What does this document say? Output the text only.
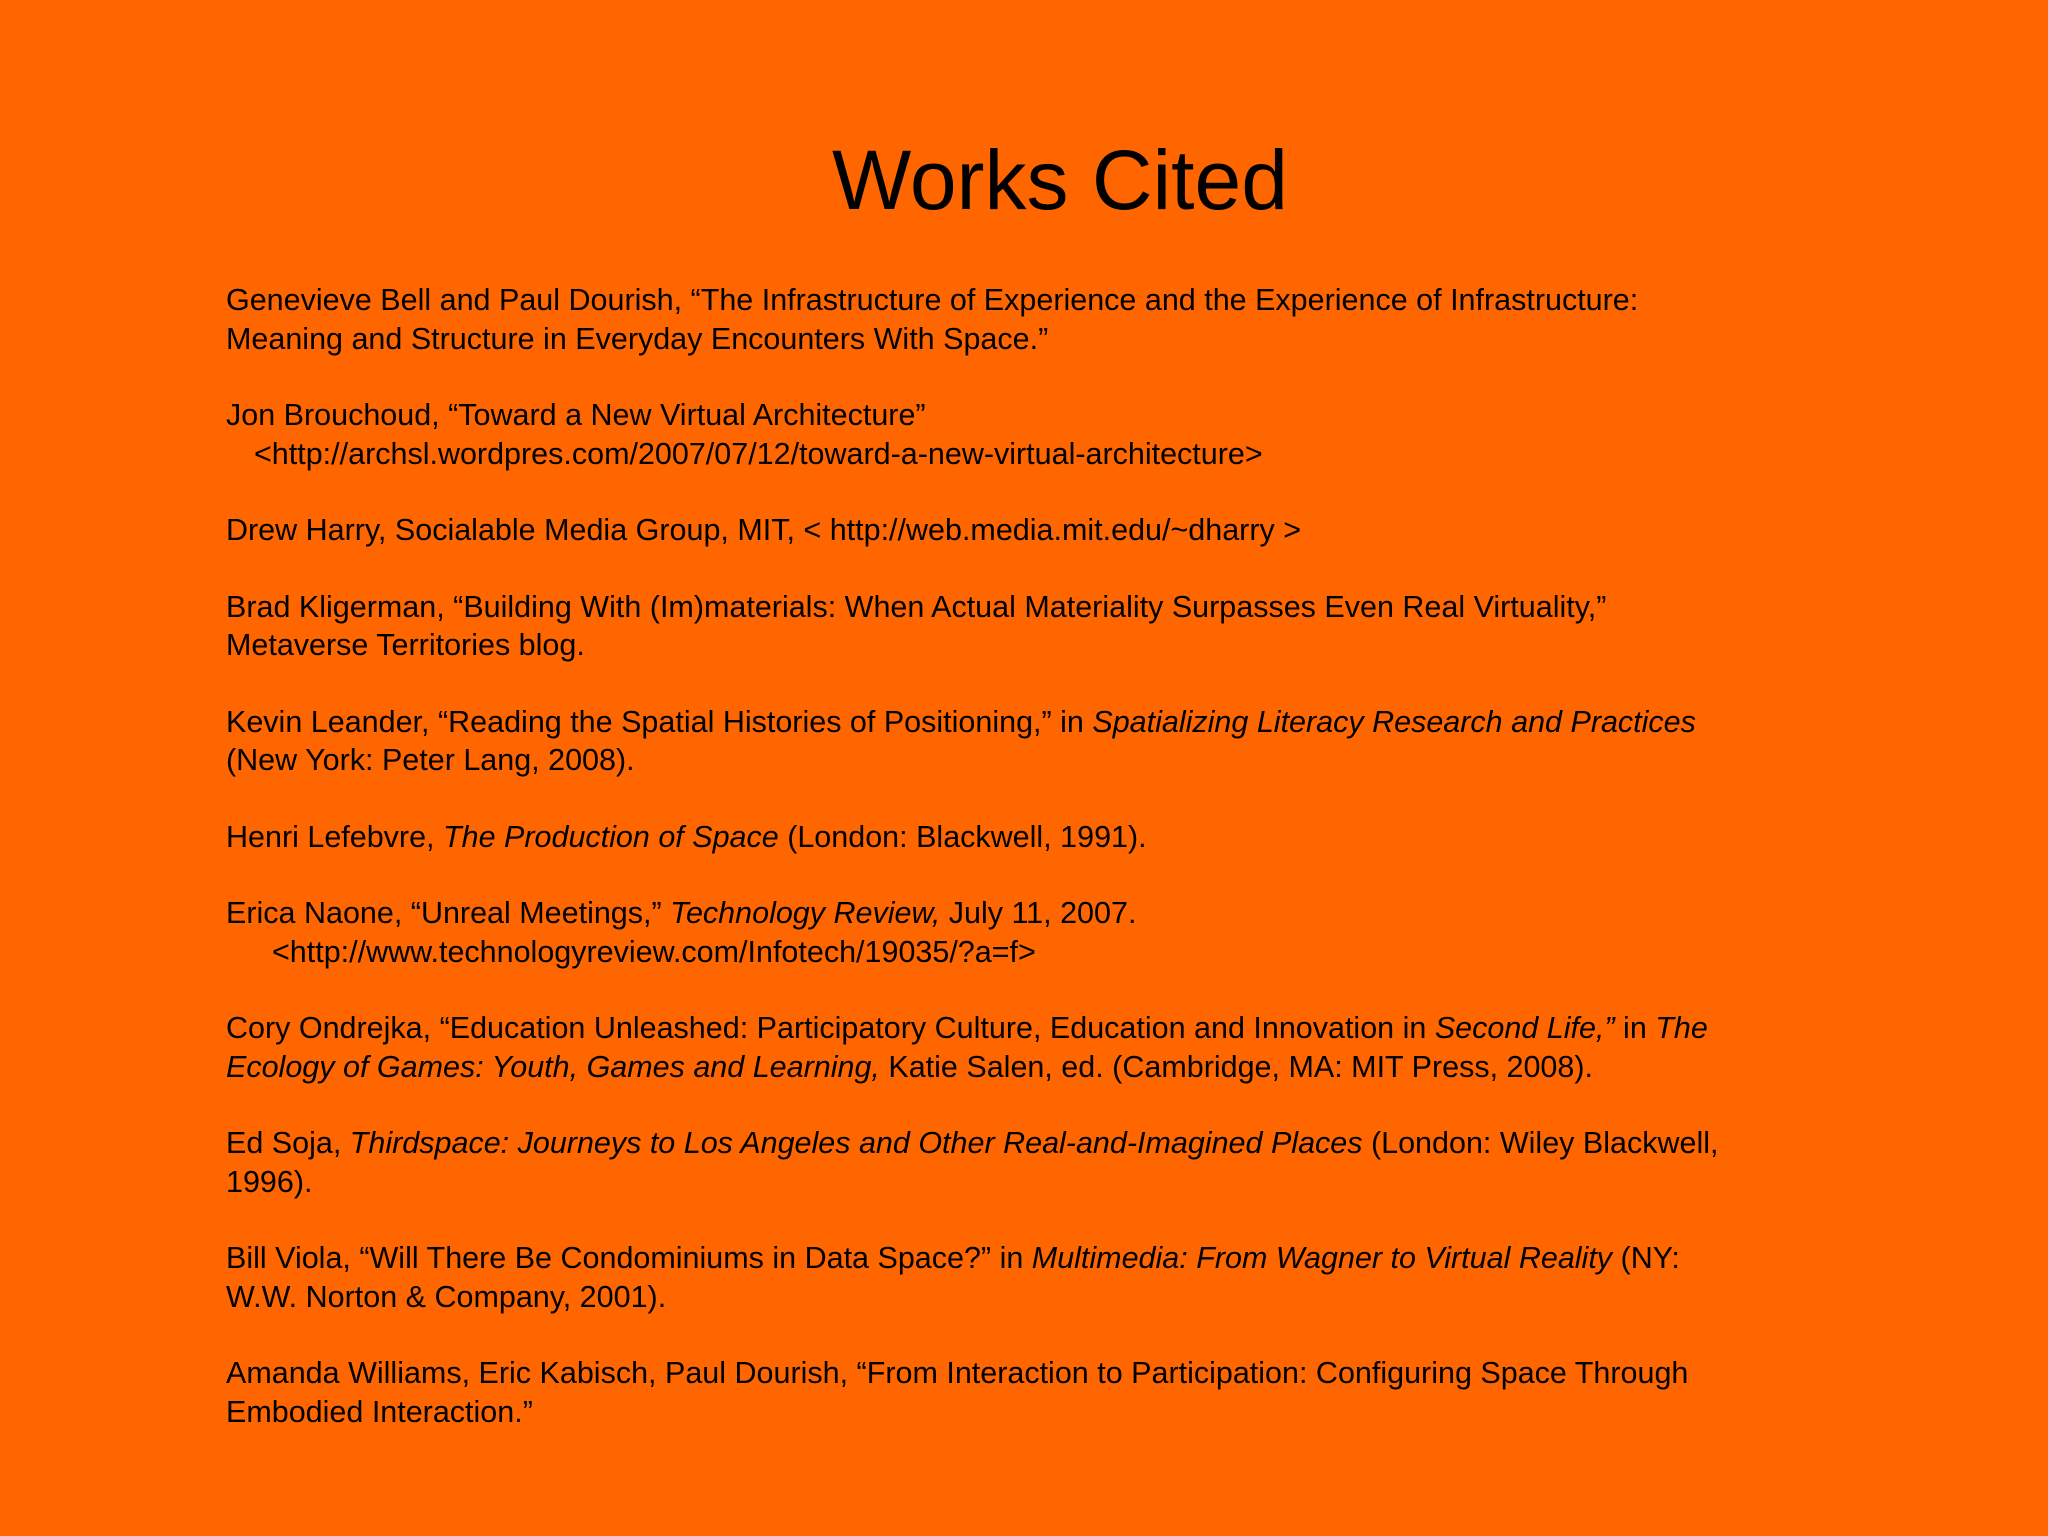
Works Cited
Genevieve Bell and Paul Dourish, “The Infrastructure of Experience and the Experience of Infrastructure:
Meaning and Structure in Everyday Encounters With Space.”
Jon Brouchoud, “Toward a New Virtual Architecture”
<http://archsl.wordpres.com/2007/07/12/toward-a-new-virtual-architecture>
Drew Harry, Socialable Media Group, MIT, < http://web.media.mit.edu/~dharry >
Brad Kligerman, “Building With (Im)materials: When Actual Materiality Surpasses Even Real Virtuality,”
Metaverse Territories blog.
Kevin Leander, “Reading the Spatial Histories of Positioning,” in Spatializing Literacy Research and Practices
(New York: Peter Lang, 2008).
Henri Lefebvre, The Production of Space (London: Blackwell, 1991).
Erica Naone, “Unreal Meetings,” Technology Review, July 11, 2007.
<http://www.technologyreview.com/Infotech/19035/?a=f>
Cory Ondrejka, “Education Unleashed: Participatory Culture, Education and Innovation in Second Life,” in The
Ecology of Games: Youth, Games and Learning, Katie Salen, ed. (Cambridge, MA: MIT Press, 2008).
Ed Soja, Thirdspace: Journeys to Los Angeles and Other Real-and-Imagined Places (London: Wiley Blackwell,
1996).
Bill Viola, “Will There Be Condominiums in Data Space?” in Multimedia: From Wagner to Virtual Reality (NY:
W.W. Norton & Company, 2001).
Amanda Williams, Eric Kabisch, Paul Dourish, “From Interaction to Participation: Configuring Space Through
Embodied Interaction.”
